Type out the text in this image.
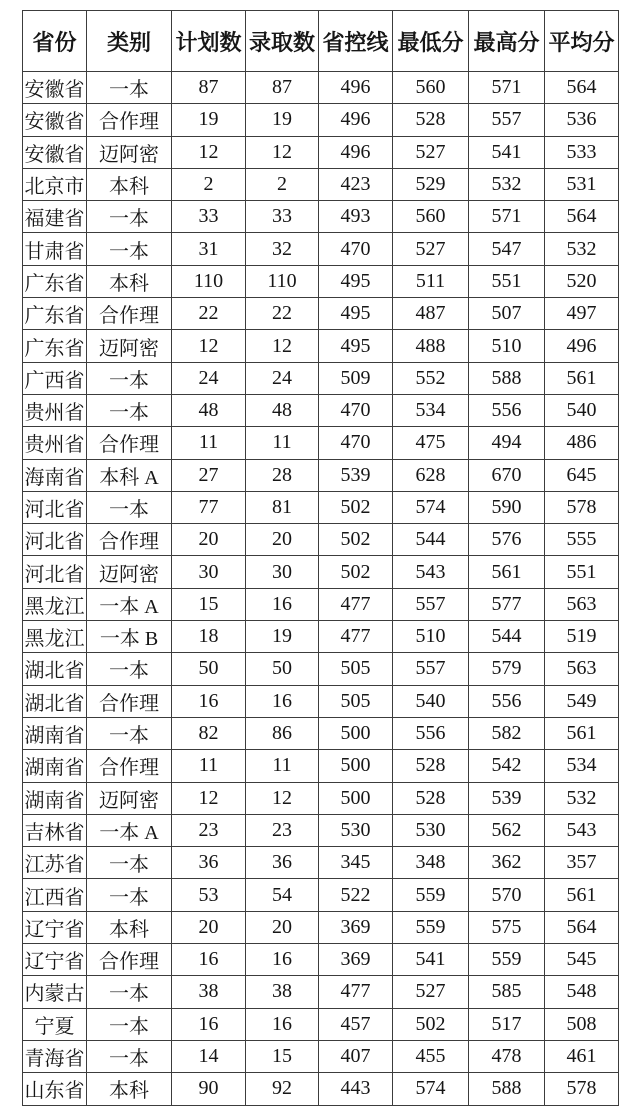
省份	类别	计划数	录取数	省控线	最低分	最高分	平均分
安徽省	一本	87	87	496	560	571	564
安徽省	合作理	19	19	496	528	557	536
安徽省	迈阿密	12	12	496	527	541	533
北京市	本科	2	2	423	529	532	531
福建省	一本	33	33	493	560	571	564
甘肃省	一本	31	32	470	527	547	532
广东省	本科	110	110	495	511	551	520
广东省	合作理	22	22	495	487	507	497
广东省	迈阿密	12	12	495	488	510	496
广西省	一本	24	24	509	552	588	561
贵州省	一本	48	48	470	534	556	540
贵州省	合作理	11	11	470	475	494	486
海南省	本科 A	27	28	539	628	670	645
河北省	一本	77	81	502	574	590	578
河北省	合作理	20	20	502	544	576	555
河北省	迈阿密	30	30	502	543	561	551
黑龙江	一本 A	15	16	477	557	577	563
黑龙江	一本 B	18	19	477	510	544	519
湖北省	一本	50	50	505	557	579	563
湖北省	合作理	16	16	505	540	556	549
湖南省	一本	82	86	500	556	582	561
湖南省	合作理	11	11	500	528	542	534
湖南省	迈阿密	12	12	500	528	539	532
吉林省	一本 A	23	23	530	530	562	543
江苏省	一本	36	36	345	348	362	357
江西省	一本	53	54	522	559	570	561
辽宁省	本科	20	20	369	559	575	564
辽宁省	合作理	16	16	369	541	559	545
内蒙古	一本	38	38	477	527	585	548
宁夏	一本	16	16	457	502	517	508
青海省	一本	14	15	407	455	478	461
山东省	本科	90	92	443	574	588	578
